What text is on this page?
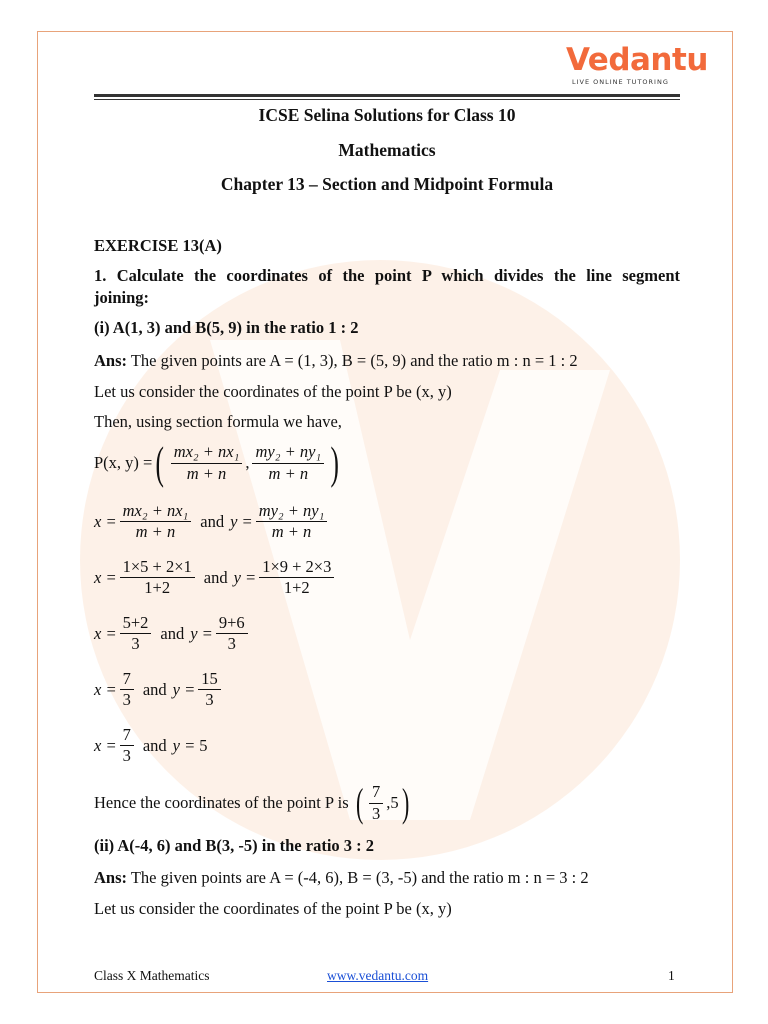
Vedantu
LIVE ONLINE TUTORING
ICSE Selina Solutions for Class 10
Mathematics
Chapter 13 – Section and Midpoint Formula
EXERCISE 13(A)
1. Calculate the coordinates of the point P which divides the line segment
joining:
(i) A(1, 3) and B(5, 9) in the ratio 1 : 2
Ans: The given points are A = (1, 3), B = (5, 9) and the ratio m : n = 1 : 2
Let us consider the coordinates of the point P be (x, y)
Then, using section formula we have,
P(x, y) = ( $\frac{\text{mx₂ + nx₁}}{m + n}$ , $\frac{\text{my₂ + ny₁}}{m + n}$ )
$x = \frac{\text{mx₂ + nx₁}}{m + n}$ and $y = \frac{\text{my₂ + ny₁}}{m + n}$
$x = \frac{1\times 5 + 2\times 1}{1+2}$ and $y = \frac{1\times 9 + 2\times 3}{1+2}$
$x = \frac{5+2}{3}$ and $y = \frac{9+6}{3}$
$x = \frac{7}{3}$ and $y = \frac{15}{3}$
$x = \frac{7}{3}$ and y = 5
Hence the coordinates of the point P is ( $\frac{7}{3} ,5$ )
(ii) A(-4, 6) and B(3, -5) in the ratio 3 : 2
Ans: The given points are A = (-4, 6), B = (3, -5) and the ratio m : n = 3 : 2
Let us consider the coordinates of the point P be (x, y)
Class X Mathematics	www.vedantu.com	1
